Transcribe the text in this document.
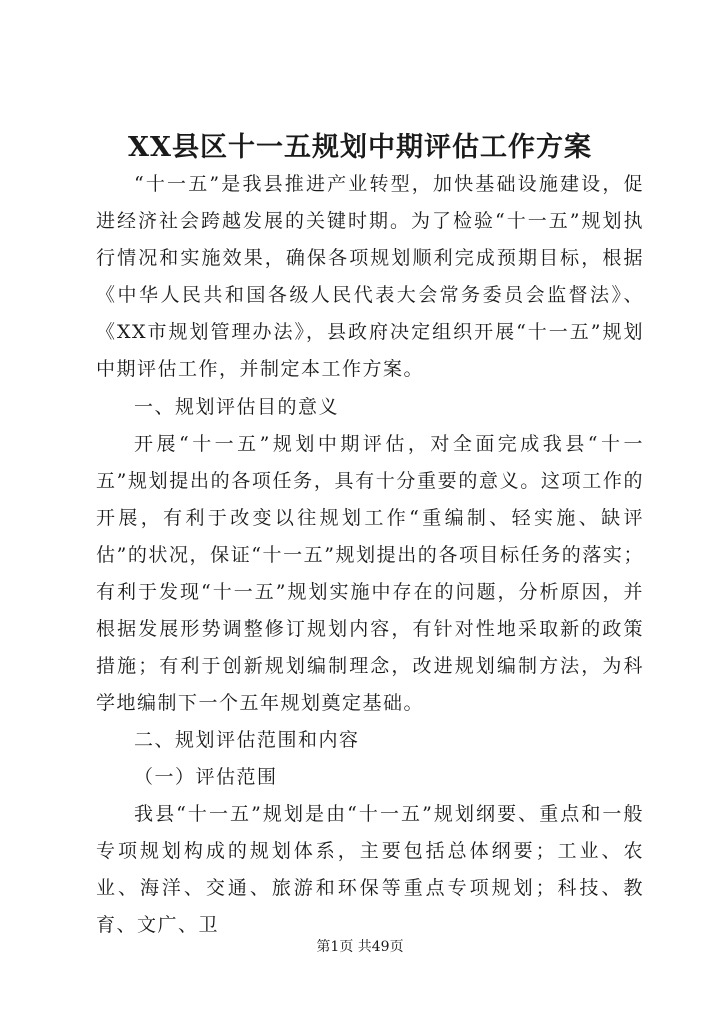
XX县区十一五规划中期评估工作方案
“十一五”是我县推进产业转型，加快基础设施建设，促进经济社会跨越发展的关键时期。为了检验“十一五”规划执行情况和实施效果，确保各项规划顺利完成预期目标，根据《中华人民共和国各级人民代表大会常务委员会监督法》、《XX市规划管理办法》，县政府决定组织开展“十一五”规划中期评估工作，并制定本工作方案。
一、规划评估目的意义
开展“十一五”规划中期评估，对全面完成我县“十一五”规划提出的各项任务，具有十分重要的意义。这项工作的开展，有利于改变以往规划工作“重编制、轻实施、缺评估”的状况，保证“十一五”规划提出的各项目标任务的落实；有利于发现“十一五”规划实施中存在的问题，分析原因，并根据发展形势调整修订规划内容，有针对性地采取新的政策措施；有利于创新规划编制理念，改进规划编制方法，为科学地编制下一个五年规划奠定基础。
二、规划评估范围和内容
（一）评估范围
我县“十一五”规划是由“十一五”规划纲要、重点和一般专项规划构成的规划体系，主要包括总体纲要；工业、农业、海洋、交通、旅游和环保等重点专项规划；科技、教育、文广、卫
第1页 共49页
